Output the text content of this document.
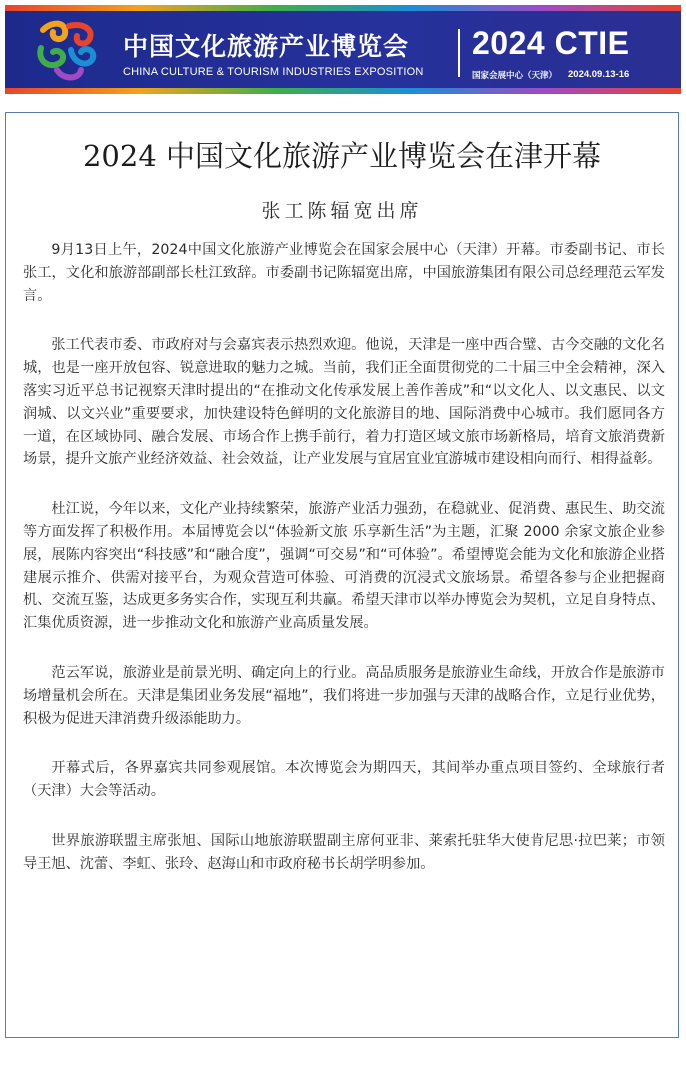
中国文化旅游产业博览会
CHINA CULTURE & TOURISM INDUSTRIES EXPOSITION
2024 CTIE
国家会展中心（天津） 2024.09.13-16
2024 中国文化旅游产业博览会在津开幕
张工陈辐宽出席

9月13日上午，2024中国文化旅游产业博览会在国家会展中心（天津）开幕。市委副书记、市长张工，文化和旅游部副部长杜江致辞。市委副书记陈辐宽出席，中国旅游集团有限公司总经理范云军发言。

张工代表市委、市政府对与会嘉宾表示热烈欢迎。他说，天津是一座中西合璧、古今交融的文化名城，也是一座开放包容、锐意进取的魅力之城。当前，我们正全面贯彻党的二十届三中全会精神，深入落实习近平总书记视察天津时提出的“在推动文化传承发展上善作善成”和“以文化人、以文惠民、以文润城、以文兴业”重要要求，加快建设特色鲜明的文化旅游目的地、国际消费中心城市。我们愿同各方一道，在区域协同、融合发展、市场合作上携手前行，着力打造区域文旅市场新格局，培育文旅消费新场景，提升文旅产业经济效益、社会效益，让产业发展与宜居宜业宜游城市建设相向而行、相得益彰。

杜江说，今年以来，文化产业持续繁荣，旅游产业活力强劲，在稳就业、促消费、惠民生、助交流等方面发挥了积极作用。本届博览会以“体验新文旅 乐享新生活”为主题，汇聚 2000 余家文旅企业参展，展陈内容突出“科技感”和“融合度”，强调“可交易”和“可体验”。希望博览会能为文化和旅游企业搭建展示推介、供需对接平台，为观众营造可体验、可消费的沉浸式文旅场景。希望各参与企业把握商机、交流互鉴，达成更多务实合作，实现互利共赢。希望天津市以举办博览会为契机，立足自身特点、汇集优质资源，进一步推动文化和旅游产业高质量发展。

范云军说，旅游业是前景光明、确定向上的行业。高品质服务是旅游业生命线，开放合作是旅游市场增量机会所在。天津是集团业务发展“福地”，我们将进一步加强与天津的战略合作，立足行业优势，积极为促进天津消费升级添能助力。

开幕式后，各界嘉宾共同参观展馆。本次博览会为期四天，其间举办重点项目签约、全球旅行者（天津）大会等活动。

世界旅游联盟主席张旭、国际山地旅游联盟副主席何亚非、莱索托驻华大使肯尼思·拉巴莱；市领导王旭、沈蕾、李虹、张玲、赵海山和市政府秘书长胡学明参加。
